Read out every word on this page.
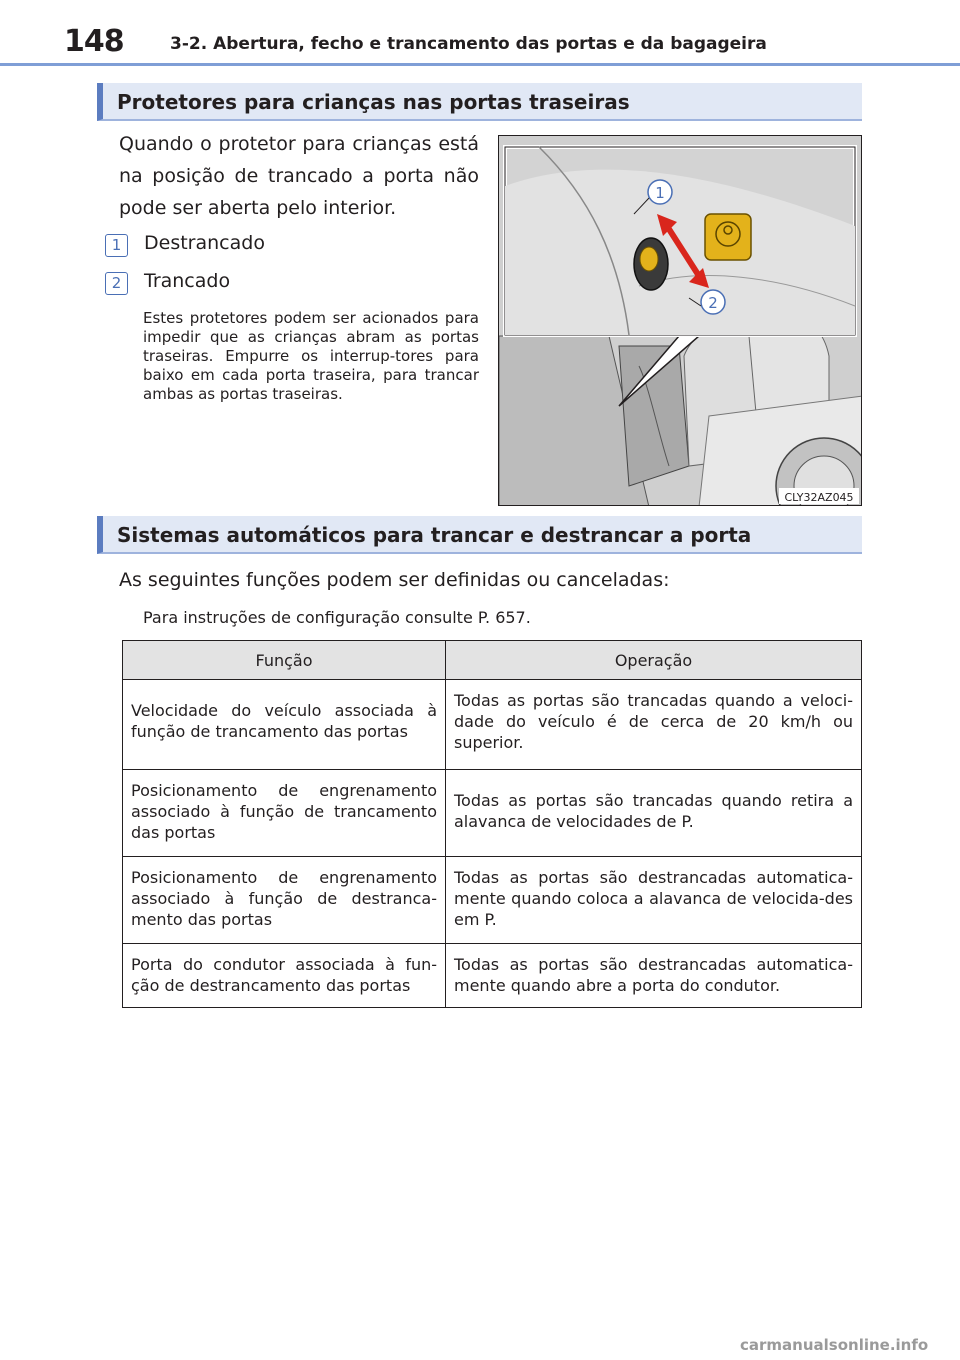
148	3-2. Abertura, fecho e trancamento das portas e da bagageira
Protetores para crianças nas portas traseiras

Quando o protetor para crianças está na posição de trancado a porta não pode ser aberta pelo interior.

1	Destrancado
2	Trancado

Estes protetores podem ser acionados para impedir que as crianças abram as portas traseiras. Empurre os interrup-tores para baixo em cada porta traseira, para trancar ambas as portas traseiras.

1
2
CLY32AZ045
Sistemas automáticos para trancar e destrancar a porta

As seguintes funções podem ser definidas ou canceladas:

Para instruções de configuração consulte P. 657.

Função	Operação
Velocidade do veículo associada à função de trancamento das portas	Todas as portas são trancadas quando a veloci-dade do veículo é de cerca de 20 km/h ou superior.
Posicionamento de engrenamento associado à função de trancamento das portas	Todas as portas são trancadas quando retira a alavanca de velocidades de P.
Posicionamento de engrenamento associado à função de destranca-mento das portas	Todas as portas são destrancadas automatica-mente quando coloca a alavanca de velocida-des em P.
Porta do condutor associada à fun-ção de destrancamento das portas	Todas as portas são destrancadas automatica-mente quando abre a porta do condutor.
carmanualsonline.info
